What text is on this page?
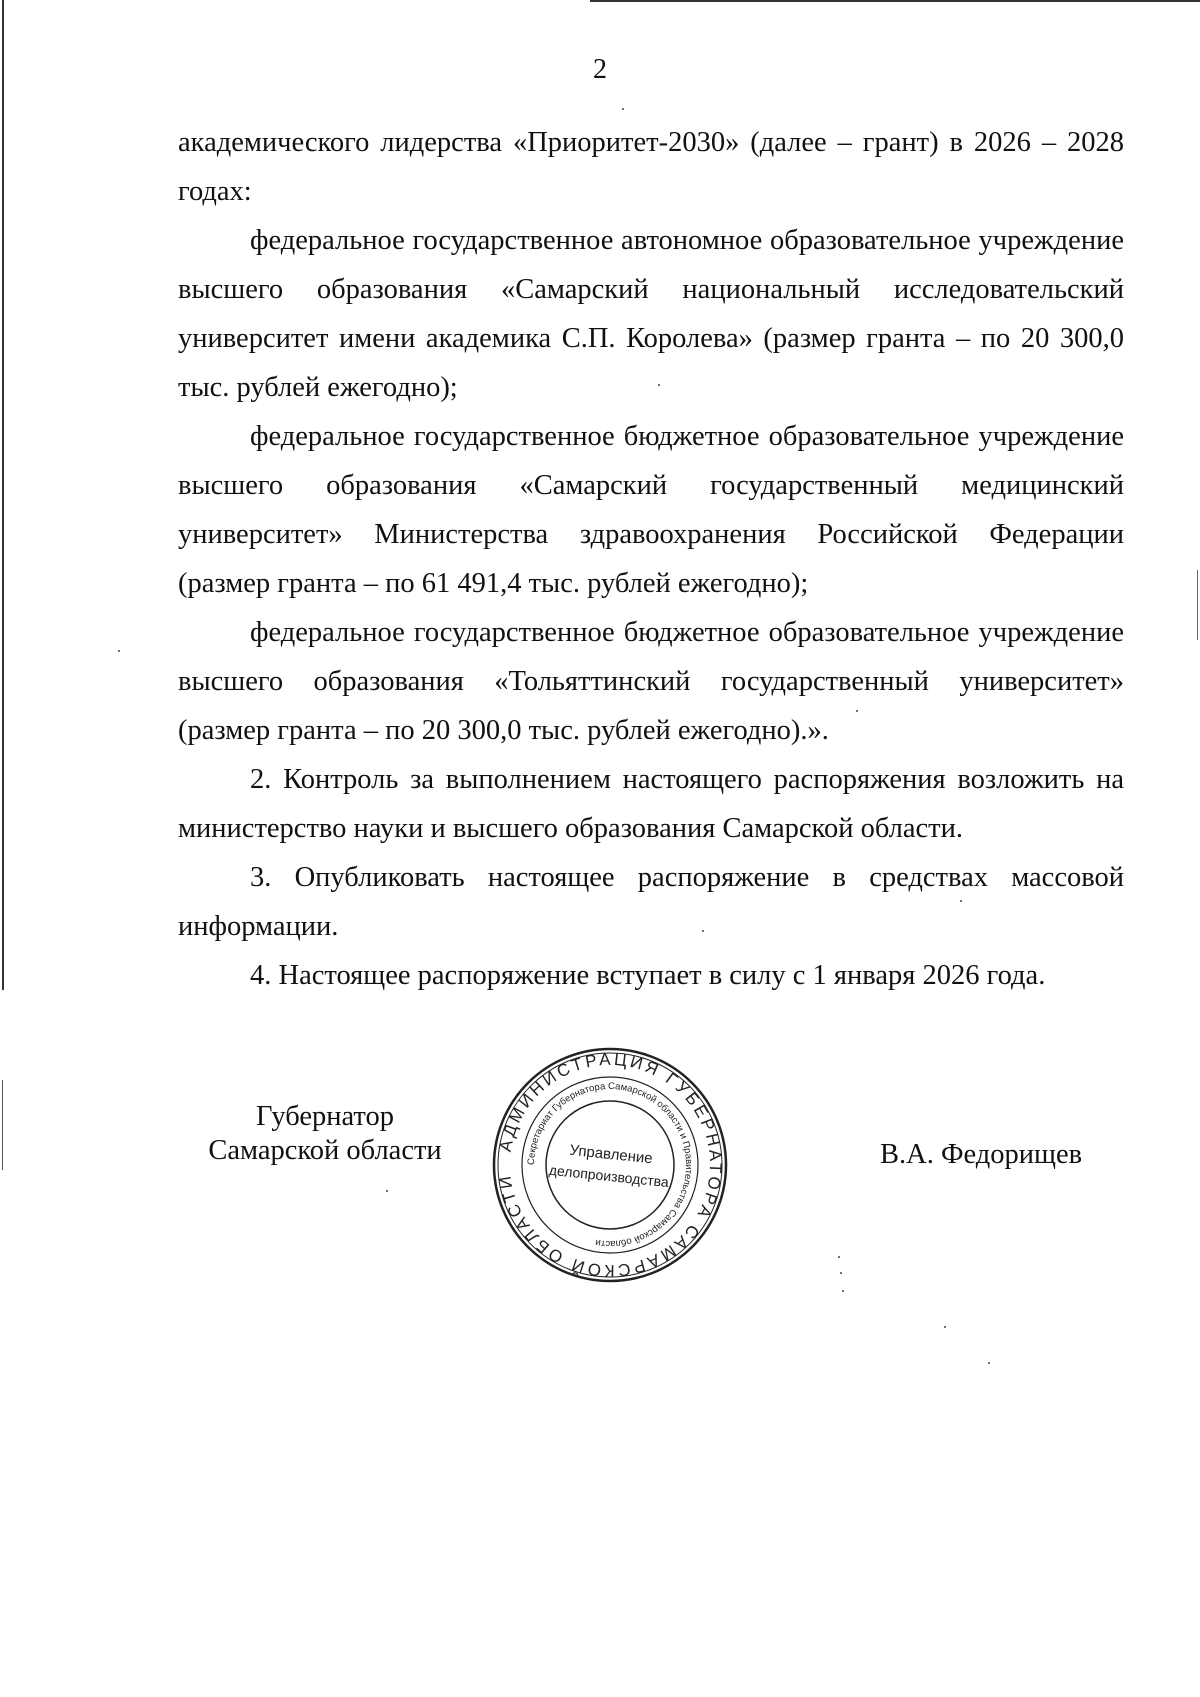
2

академического лидерства «Приоритет-2030» (далее – грант) в 2026 – 2028 годах:

федеральное государственное автономное образовательное учреждение высшего образования «Самарский национальный исследовательский университет имени академика С.П. Королева» (размер гранта – по 20 300,0 тыс. рублей ежегодно);

федеральное государственное бюджетное образовательное учреждение высшего образования «Самарский государственный медицинский университет» Министерства здравоохранения Российской Федерации (размер гранта – по 61 491,4 тыс. рублей ежегодно);

федеральное государственное бюджетное образовательное учреждение высшего образования «Тольяттинский государственный университет» (размер гранта – по 20 300,0 тыс. рублей ежегодно).».

2. Контроль за выполнением настоящего распоряжения возложить на министерство науки и высшего образования Самарской области.

3. Опубликовать настоящее распоряжение в средствах массовой информации.

4. Настоящее распоряжение вступает в силу с 1 января 2026 года.

Губернатор
Самарской области	АДМИНИСТРАЦИЯ ГУБЕРНАТОРА САМАРСКОЙ ОБЛАСТИ
Секретариат Губернатора Самарской области и Правительства Самарской области
Управление
делопроизводства
В.А. Федорищев
